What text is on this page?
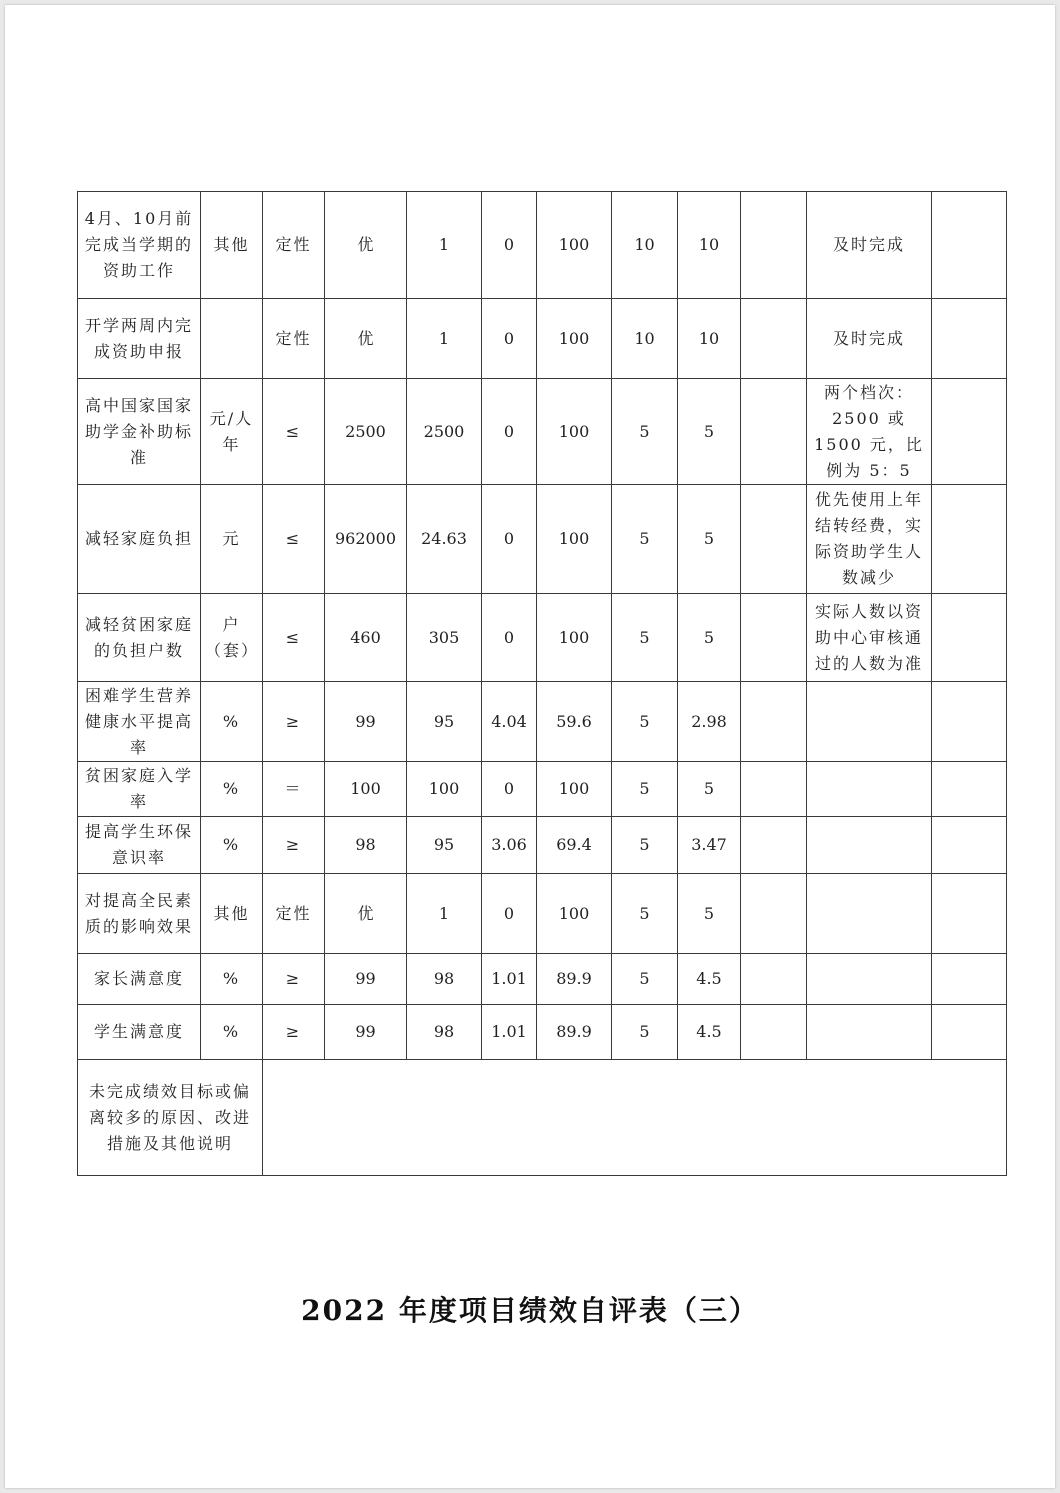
4月、10月前完成当学期的资助工作	其他	定性	优	1	0	100	10	10		及时完成	
开学两周内完成资助申报		定性	优	1	0	100	10	10		及时完成	
高中国家国家助学金补助标准	元/人年	≤	2500	2500	0	100	5	5		两个档次：2500 或 1500 元，比例为 5：5	
减轻家庭负担	元	≤	962000	24.63	0	100	5	5		优先使用上年结转经费，实际资助学生人数减少	
减轻贫困家庭的负担户数	户（套）	≤	460	305	0	100	5	5		实际人数以资助中心审核通过的人数为准	
困难学生营养健康水平提高率	%	≥	99	95	4.04	59.6	5	2.98			
贫困家庭入学率	%	＝	100	100	0	100	5	5			
提高学生环保意识率	%	≥	98	95	3.06	69.4	5	3.47			
对提高全民素质的影响效果	其他	定性	优	1	0	100	5	5			
家长满意度	%	≥	99	98	1.01	89.9	5	4.5			
学生满意度	%	≥	99	98	1.01	89.9	5	4.5			
未完成绩效目标或偏离较多的原因、改进措施及其他说明											
2022 年度项目绩效自评表（三）
